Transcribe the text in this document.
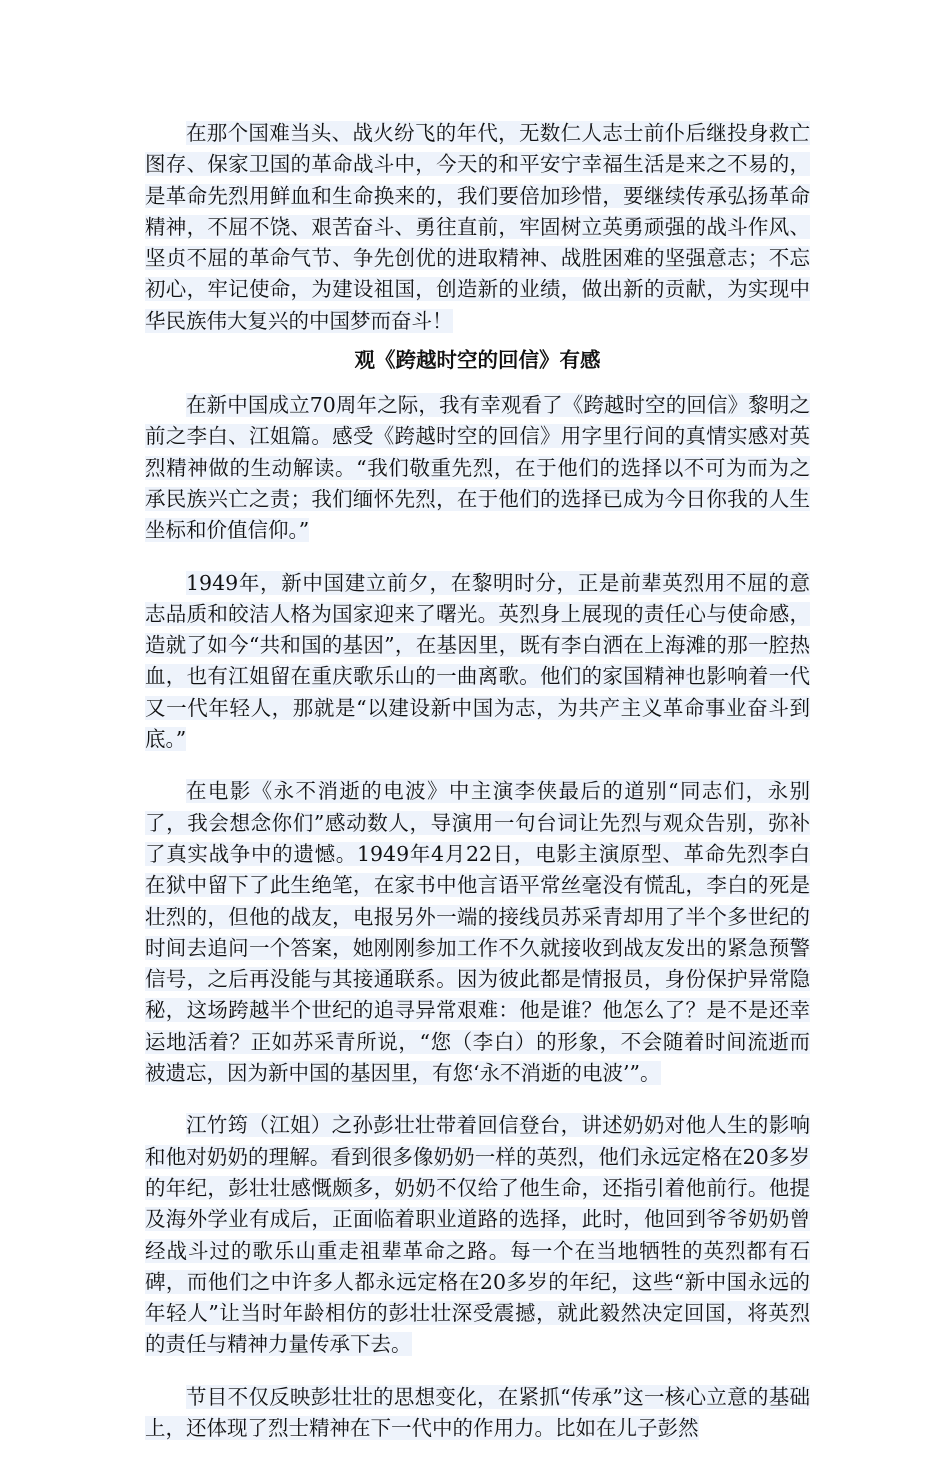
在那个国难当头、战火纷飞的年代，无数仁人志士前仆后继投身救亡图存、保家卫国的革命战斗中，今天的和平安宁幸福生活是来之不易的，是革命先烈用鲜血和生命换来的，我们要倍加珍惜，要继续传承弘扬革命精神，不屈不饶、艰苦奋斗、勇往直前，牢固树立英勇顽强的战斗作风、坚贞不屈的革命气节、争先创优的进取精神、战胜困难的坚强意志；不忘初心，牢记使命，为建设祖国，创造新的业绩，做出新的贡献，为实现中华民族伟大复兴的中国梦而奋斗！

观《跨越时空的回信》有感

在新中国成立70周年之际，我有幸观看了《跨越时空的回信》黎明之前之李白、江姐篇。感受《跨越时空的回信》用字里行间的真情实感对英烈精神做的生动解读。“我们敬重先烈，在于他们的选择以不可为而为之承民族兴亡之责；我们缅怀先烈，在于他们的选择已成为今日你我的人生坐标和价值信仰。”

1949年，新中国建立前夕，在黎明时分，正是前辈英烈用不屈的意志品质和皎洁人格为国家迎来了曙光。英烈身上展现的责任心与使命感，造就了如今“共和国的基因”，在基因里，既有李白洒在上海滩的那一腔热血，也有江姐留在重庆歌乐山的一曲离歌。他们的家国精神也影响着一代又一代年轻人，那就是“以建设新中国为志，为共产主义革命事业奋斗到底。”

在电影《永不消逝的电波》中主演李侠最后的道别“同志们，永别了，我会想念你们”感动数人，导演用一句台词让先烈与观众告别，弥补了真实战争中的遗憾。1949年4月22日，电影主演原型、革命先烈李白在狱中留下了此生绝笔，在家书中他言语平常丝毫没有慌乱，李白的死是壮烈的，但他的战友，电报另外一端的接线员苏采青却用了半个多世纪的时间去追问一个答案，她刚刚参加工作不久就接收到战友发出的紧急预警信号，之后再没能与其接通联系。因为彼此都是情报员，身份保护异常隐秘，这场跨越半个世纪的追寻异常艰难：他是谁？他怎么了？是不是还幸运地活着？正如苏采青所说，“您（李白）的形象，不会随着时间流逝而被遗忘，因为新中国的基因里，有您‘永不消逝的电波’”。

江竹筠（江姐）之孙彭壮壮带着回信登台，讲述奶奶对他人生的影响和他对奶奶的理解。看到很多像奶奶一样的英烈，他们永远定格在20多岁的年纪，彭壮壮感慨颇多，奶奶不仅给了他生命，还指引着他前行。他提及海外学业有成后，正面临着职业道路的选择，此时，他回到爷爷奶奶曾经战斗过的歌乐山重走祖辈革命之路。每一个在当地牺牲的英烈都有石碑，而他们之中许多人都永远定格在20多岁的年纪，这些“新中国永远的年轻人”让当时年龄相仿的彭壮壮深受震撼，就此毅然决定回国，将英烈的责任与精神力量传承下去。

节目不仅反映彭壮壮的思想变化，在紧抓“传承”这一核心立意的基础上，还体现了烈士精神在下一代中的作用力。比如在儿子彭然
